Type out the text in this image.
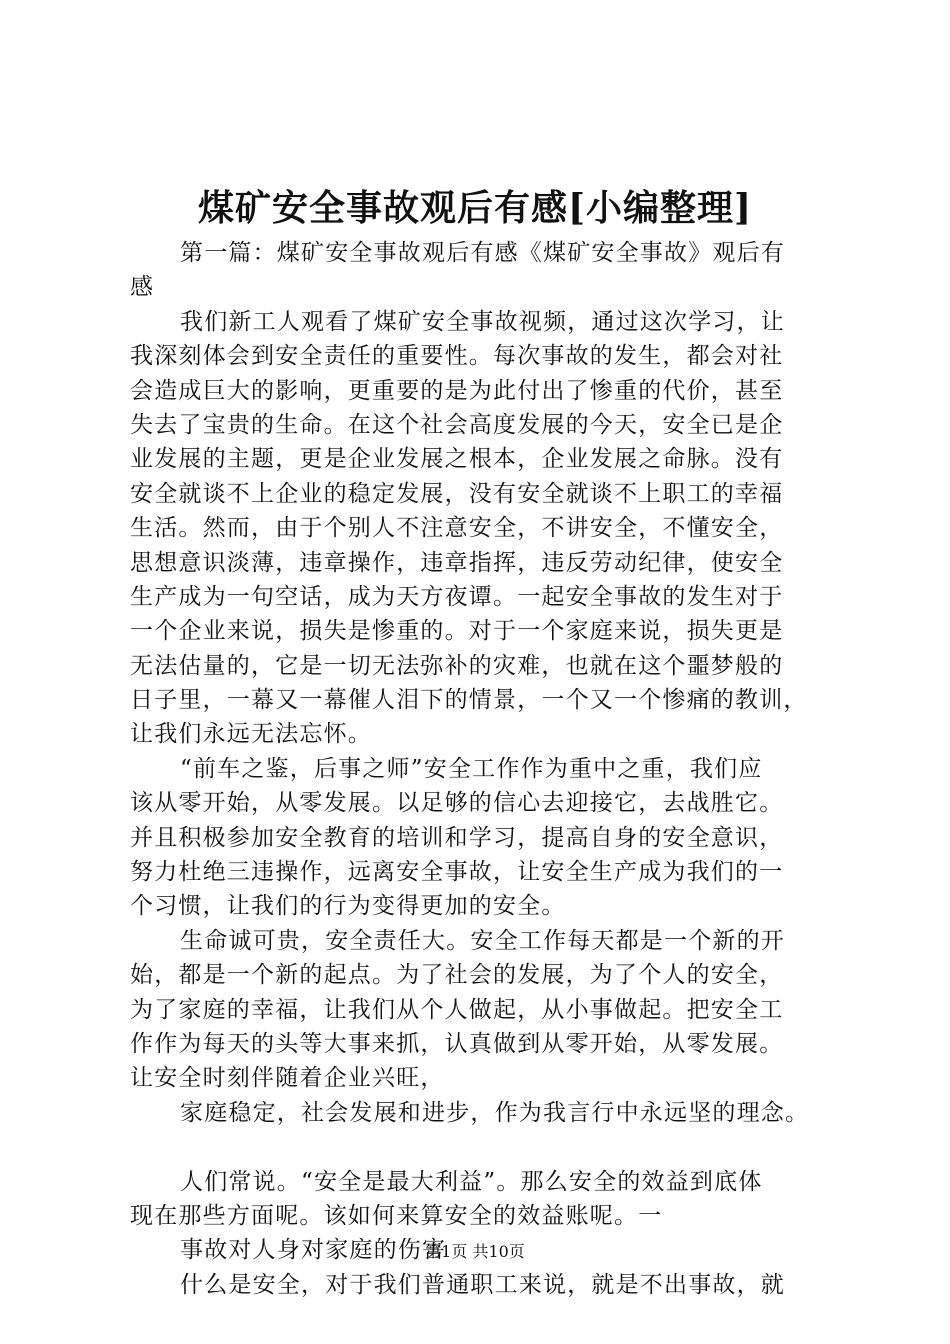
煤矿安全事故观后有感[小编整理]
第一篇：煤矿安全事故观后有感《煤矿安全事故》观后有
感
我们新工人观看了煤矿安全事故视频，通过这次学习，让
我深刻体会到安全责任的重要性。每次事故的发生，都会对社
会造成巨大的影响，更重要的是为此付出了惨重的代价，甚至
失去了宝贵的生命。在这个社会高度发展的今天，安全已是企
业发展的主题，更是企业发展之根本，企业发展之命脉。没有
安全就谈不上企业的稳定发展，没有安全就谈不上职工的幸福
生活。然而，由于个别人不注意安全，不讲安全，不懂安全，
思想意识淡薄，违章操作，违章指挥，违反劳动纪律，使安全
生产成为一句空话，成为天方夜谭。一起安全事故的发生对于
一个企业来说，损失是惨重的。对于一个家庭来说，损失更是
无法估量的，它是一切无法弥补的灾难，也就在这个噩梦般的
日子里，一幕又一幕催人泪下的情景，一个又一个惨痛的教训，
让我们永远无法忘怀。
“前车之鉴，后事之师”安全工作作为重中之重，我们应
该从零开始，从零发展。以足够的信心去迎接它，去战胜它。
并且积极参加安全教育的培训和学习，提高自身的安全意识，
努力杜绝三违操作，远离安全事故，让安全生产成为我们的一
个习惯，让我们的行为变得更加的安全。
生命诚可贵，安全责任大。安全工作每天都是一个新的开
始，都是一个新的起点。为了社会的发展，为了个人的安全，
为了家庭的幸福，让我们从个人做起，从小事做起。把安全工
作作为每天的头等大事来抓，认真做到从零开始，从零发展。
让安全时刻伴随着企业兴旺，
家庭稳定，社会发展和进步，作为我言行中永远坚的理念。
人们常说。“安全是最大利益”。那么安全的效益到底体
现在那些方面呢。该如何来算安全的效益账呢。一
事故对人身对家庭的伤害
什么是安全，对于我们普通职工来说，就是不出事故，就
第1页 共10页
